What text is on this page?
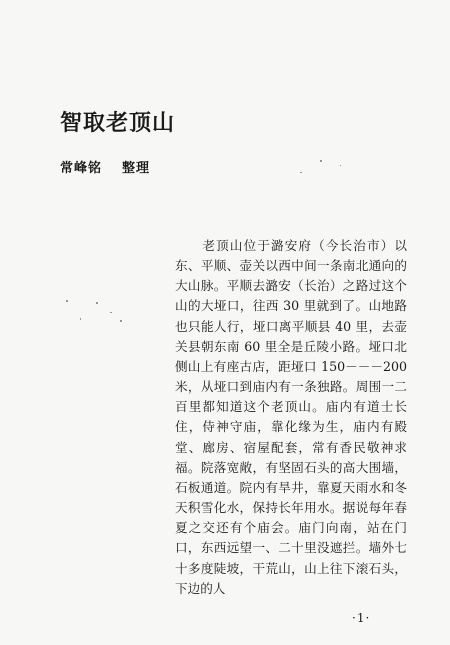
智取老顶山
常峰铭 整理

　　老顶山位于潞安府（今长治市）以东、平顺、壶关以西中间一条南北通向的大山脉。平顺去潞安（长治）之路过这个山的大垭口，往西 30 里就到了。山地路也只能人行，垭口离平顺县 40 里，去壶关县朝东南 60 里全是丘陵小路。垭口北侧山上有座古店，距垭口 150－－－200 米，从垭口到庙内有一条独路。周围一二百里都知道这个老顶山。庙内有道士长住，侍神守庙，靠化缘为生，庙内有殿堂、廊房、宿屋配套，常有香民敬神求福。院落宽敞，有坚固石头的高大围墙，石板通道。院内有旱井，靠夏天雨水和冬天积雪化水，保持长年用水。据说每年春夏之交还有个庙会。庙门向南，站在门口，东西远望一、二十里没遮拦。墙外七十多度陡坡，干荒山，山上往下滚石头，下边的人

·1·
